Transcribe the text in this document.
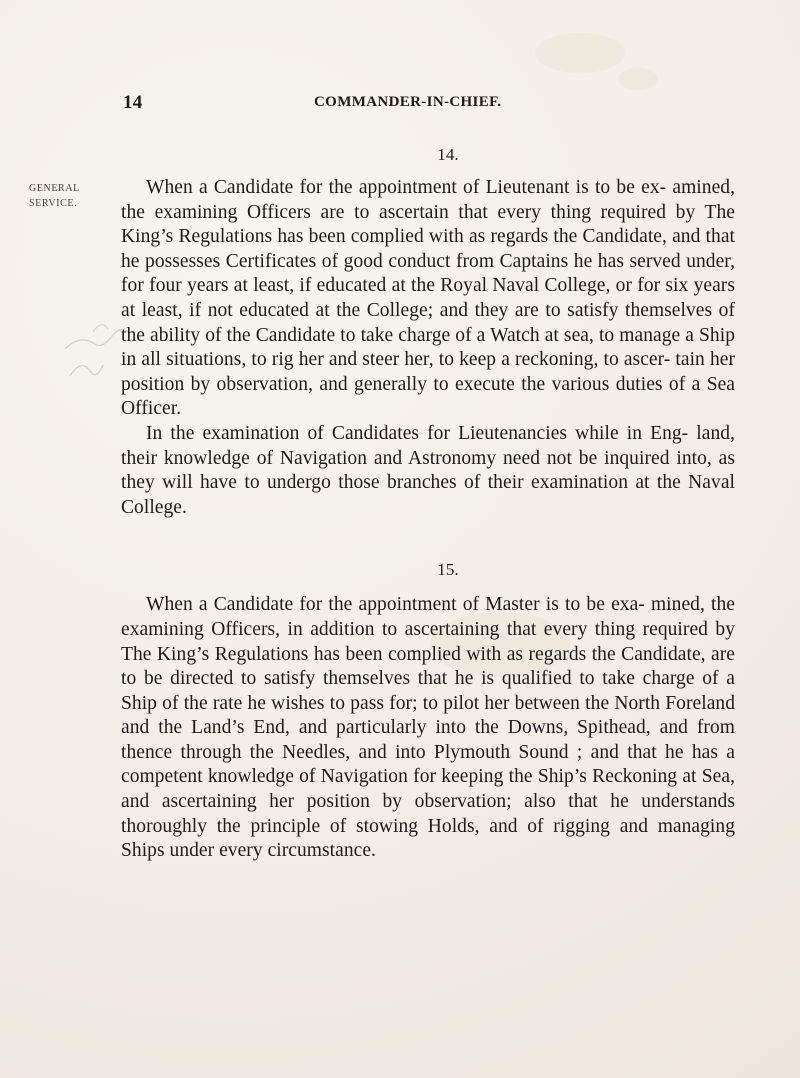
14	COMMANDER-IN-CHIEF.
GENERAL
SERVICE.
14.

When a Candidate for the appointment of Lieutenant is to be ex- amined, the examining Officers are to ascertain that every thing required by The King’s Regulations has been complied with as regards the Candidate, and that he possesses Certificates of good conduct from Captains he has served under, for four years at least, if educated at the Royal Naval College, or for six years at least, if not educated at the College; and they are to satisfy themselves of the ability of the Candidate to take charge of a Watch at sea, to manage a Ship in all situations, to rig her and steer her, to keep a reckoning, to ascer- tain her position by observation, and generally to execute the various duties of a Sea Officer.

In the examination of Candidates for Lieutenancies while in Eng- land, their knowledge of Navigation and Astronomy need not be inquired into, as they will have to undergo those branches of their examination at the Naval College.

15.

When a Candidate for the appointment of Master is to be exa- mined, the examining Officers, in addition to ascertaining that every thing required by The King’s Regulations has been complied with as regards the Candidate, are to be directed to satisfy themselves that he is qualified to take charge of a Ship of the rate he wishes to pass for; to pilot her between the North Foreland and the Land’s End, and particularly into the Downs, Spithead, and from thence through the Needles, and into Plymouth Sound ; and that he has a competent knowledge of Navigation for keeping the Ship’s Reckoning at Sea, and ascertaining her position by observation; also that he understands thoroughly the principle of stowing Holds, and of rigging and managing Ships under every circumstance.
